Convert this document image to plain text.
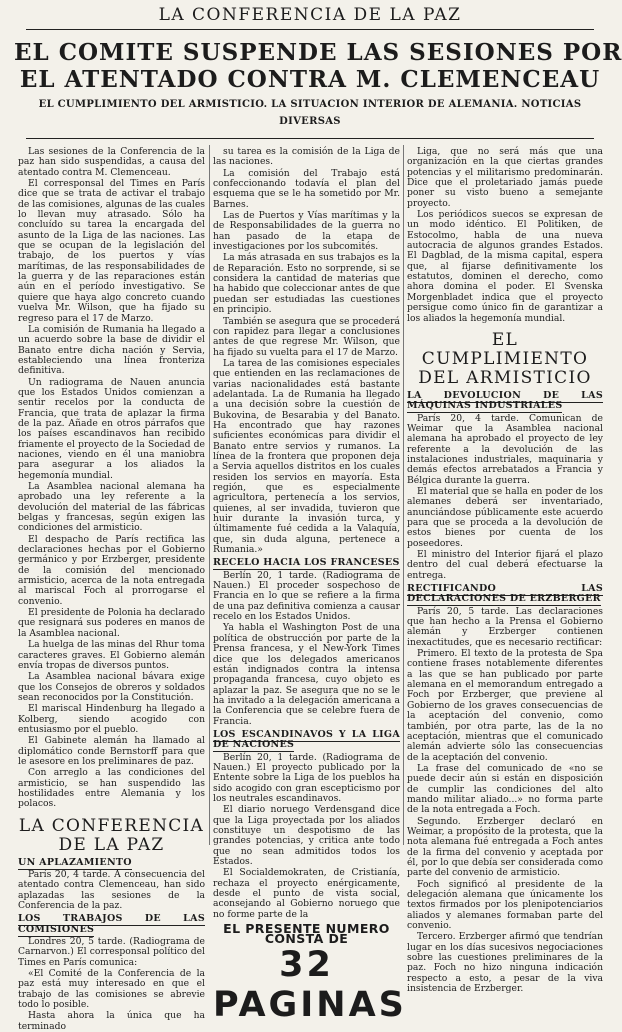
LA CONFERENCIA DE LA PAZ
EL COMITE SUSPENDE LAS SESIONES POR
EL ATENTADO CONTRA M. CLEMENCEAU
EL CUMPLIMIENTO DEL ARMISTICIO. LA SITUACION INTERIOR DE ALEMANIA. NOTICIAS DIVERSAS

Las sesiones de la Conferencia de la paz han sido suspendidas, a causa del atentado contra M. Clemenceau.

El corresponsal del Times en París dice que se trata de activar el trabajo de las comisiones, algunas de las cuales lo llevan muy atrasado. Sólo ha concluído su tarea la encargada del asunto de la Liga de las naciones. Las que se ocupan de la legislación del trabajo, de los puertos y vías marítimas, de las responsabilidades de la guerra y de las reparaciones están aún en el período investigativo. Se quiere que haya algo concreto cuando vuelva Mr. Wilson, que ha fijado su regreso para el 17 de Marzo.

La comisión de Rumania ha llegado a un acuerdo sobre la base de dividir el Banato entre dicha nación y Servia, estableciendo una línea fronteriza definitiva.

Un radiograma de Nauen anuncia que los Estados Unidos comienzan a sentir recelos por la conducta de Francia, que trata de aplazar la firma de la paz. Añade en otros párrafos que los países escandinavos han recibido friamente el proyecto de la Sociedad de naciones, viendo en él una maniobra para asegurar a los aliados la hegemonía mundial.

La Asamblea nacional alemana ha aprobado una ley referente a la devolución del material de las fábricas belgas y francesas, según exigen las condiciones del armisticio.

El despacho de París rectifica las declaraciones hechas por el Gobierno germánico y por Erzberger, presidente de la comisión del mencionado armisticio, acerca de la nota entregada al mariscal Foch al prorrogarse el convenio.

El presidente de Polonia ha declarado que resignará sus poderes en manos de la Asamblea nacional.

La huelga de las minas del Rhur toma caracteres graves. El Gobierno alemán envía tropas de diversos puntos.

La Asamblea nacional bávara exige que los Consejos de obreros y soldados sean reconocidos por la Constitución.

El mariscal Hindenburg ha llegado a Kolberg, siendo acogido con entusiasmo por el pueblo.

El Gabinete alemán ha llamado al diplomático conde Bernstorff para que le asesore en los preliminares de paz.

Con arreglo a las condiciones del armisticio, se han suspendido las hostilidades entre Alemania y los polacos.

LA CONFERENCIA DE LA PAZ
UN APLAZAMIENTO

París 20, 4 tarde. A consecuencia del atentado contra Clemenceau, han sido aplazadas las sesiones de la Conferencia de la paz.

LOS TRABAJOS DE LAS COMISIONES

Londres 20, 5 tarde. (Radiograma de Carnarvon.) El corresponsal político del Times en París comunica:

«El Comité de la Conferencia de la paz está muy interesado en que el trabajo de las comisiones se abrevie todo lo posible.

Hasta ahora la única que ha terminado

su tarea es la comisión de la Liga de las naciones.

La comisión del Trabajo está confeccionando todavía el plan del esquema que se le ha sometido por Mr. Barnes.

Las de Puertos y Vías marítimas y la de Responsabilidades de la guerra no han pasado de la etapa de investigaciones por los subcomités.

La más atrasada en sus trabajos es la de Reparación. Esto no sorprende, si se considera la cantidad de materias que ha habido que coleccionar antes de que puedan ser estudiadas las cuestiones en principio.

También se asegura que se procederá con rapidez para llegar a conclusiones antes de que regrese Mr. Wilson, que ha fijado su vuelta para el 17 de Marzo.

La tarea de las comisiones especiales que entienden en las reclamaciones de varias nacionalidades está bastante adelantada. La de Rumania ha llegado a una decisión sobre la cuestión de Bukovina, de Besarabia y del Banato. Ha encontrado que hay razones suficientes económicas para dividir el Banato entre servios y rumanos. La línea de la frontera que proponen deja a Servia aquellos distritos en los cuales residen los servios en mayoría. Esta región, que es especialmente agricultora, pertenecía a los servios, quienes, al ser invadida, tuvieron que huir durante la invasión turca, y últimamente fué cedida a la Valaquía, que, sin duda alguna, pertenece a Rumania.»

RECELO HACIA LOS FRANCESES

Berlín 20, 1 tarde. (Radiograma de Nauen.) El proceder sospechoso de Francia en lo que se refiere a la firma de una paz definitiva comienza a causar recelo en los Estados Unidos.

Ya habla el Washington Post de una política de obstrucción por parte de la Prensa francesa, y el New-York Times dice que los delegados americanos están indignados contra la intensa propaganda francesa, cuyo objeto es aplazar la paz. Se asegura que no se le ha invitado a la delegación americana a la Conferencia que se celebre fuera de Francia.

LOS ESCANDINAVOS Y LA LIGA DE NACIONES

Berlín 20, 1 tarde. (Radiograma de Nauen.) El proyecto publicado por la Entente sobre la Liga de los pueblos ha sido acogido con gran escepticismo por los neutrales escandinavos.

El diario noruego Verdensgand dice que la Liga proyectada por los aliados constituye un despotismo de las grandes potencias, y critica ante todo que no sean admitidos todos los Estados.

El Socialdemokraten, de Cristianía, rechaza el proyecto enérgicamente, desde el punto de vista social, aconsejando al Gobierno noruego que no forme parte de la

EL PRESENTE NUMERO CONSTA DE
32 PAGINAS

Liga, que no será más que una organización en la que ciertas grandes potencias y el militarismo predominarán. Dice que el proletariado jamás puede poner su visto bueno a semejante proyecto.

Los periódicos suecos se expresan de un modo idéntico. El Politiken, de Estocolmo, habla de una nueva autocracia de algunos grandes Estados. El Dagblad, de la misma capital, espera que, al fijarse definitivamente los estatutos, dominen el derecho, como ahora domina el poder. El Svenska Morgenbladet indica que el proyecto persigue como único fin de garantizar a los aliados la hegemonía mundial.

EL CUMPLIMIENTO DEL ARMISTICIO
LA DEVOLUCION DE LAS MÁQUINAS INDUSTRIALES

París 20, 4 tarde. Comunican de Weimar que la Asamblea nacional alemana ha aprobado el proyecto de ley referente a la devolución de las instalaciones industriales, maquinaria y demás efectos arrebatados a Francia y Bélgica durante la guerra.

El material que se halla en poder de los alemanes deberá ser inventariado, anunciándose públicamente este acuerdo para que se proceda a la devolución de estos bienes por cuenta de los poseedores.

El ministro del Interior fijará el plazo dentro del cual deberá efectuarse la entrega.

RECTIFICANDO LAS DECLARACIONES DE ERZBERGER

París 20, 5 tarde. Las declaraciones que han hecho a la Prensa el Gobierno alemán y Erzberger contienen inexactitudes, que es necesario rectificar:

Primero. El texto de la protesta de Spa contiene frases notablemente diferentes a las que se han publicado por parte alemana en el memorandum entregado a Foch por Erzberger, que previene al Gobierno de los graves consecuencias de la aceptación del convenio, como también, por otra parte, las de la no aceptación, mientras que el comunicado alemán advierte sólo las consecuencias de la aceptación del convenio.

La frase del comunicado de «no se puede decir aún si están en disposición de cumplir las condiciones del alto mando militar aliado...» no forma parte de la nota entregada a Foch.

Segundo. Erzberger declaró en Weimar, a propósito de la protesta, que la nota alemana fué entregada a Foch antes de la firma del convenio y aceptada por él, por lo que debía ser considerada como parte del convenio de armisticio.

Foch significó al presidente de la delegación alemana que únicamente los textos firmados por los plenipotenciarios aliados y alemanes formaban parte del convenio.

Tercero. Erzberger afirmó que tendrían lugar en los días sucesivos negociaciones sobre las cuestiones preliminares de la paz. Foch no hizo ninguna indicación respecto a esto, a pesar de la viva insistencia de Erzberger.
